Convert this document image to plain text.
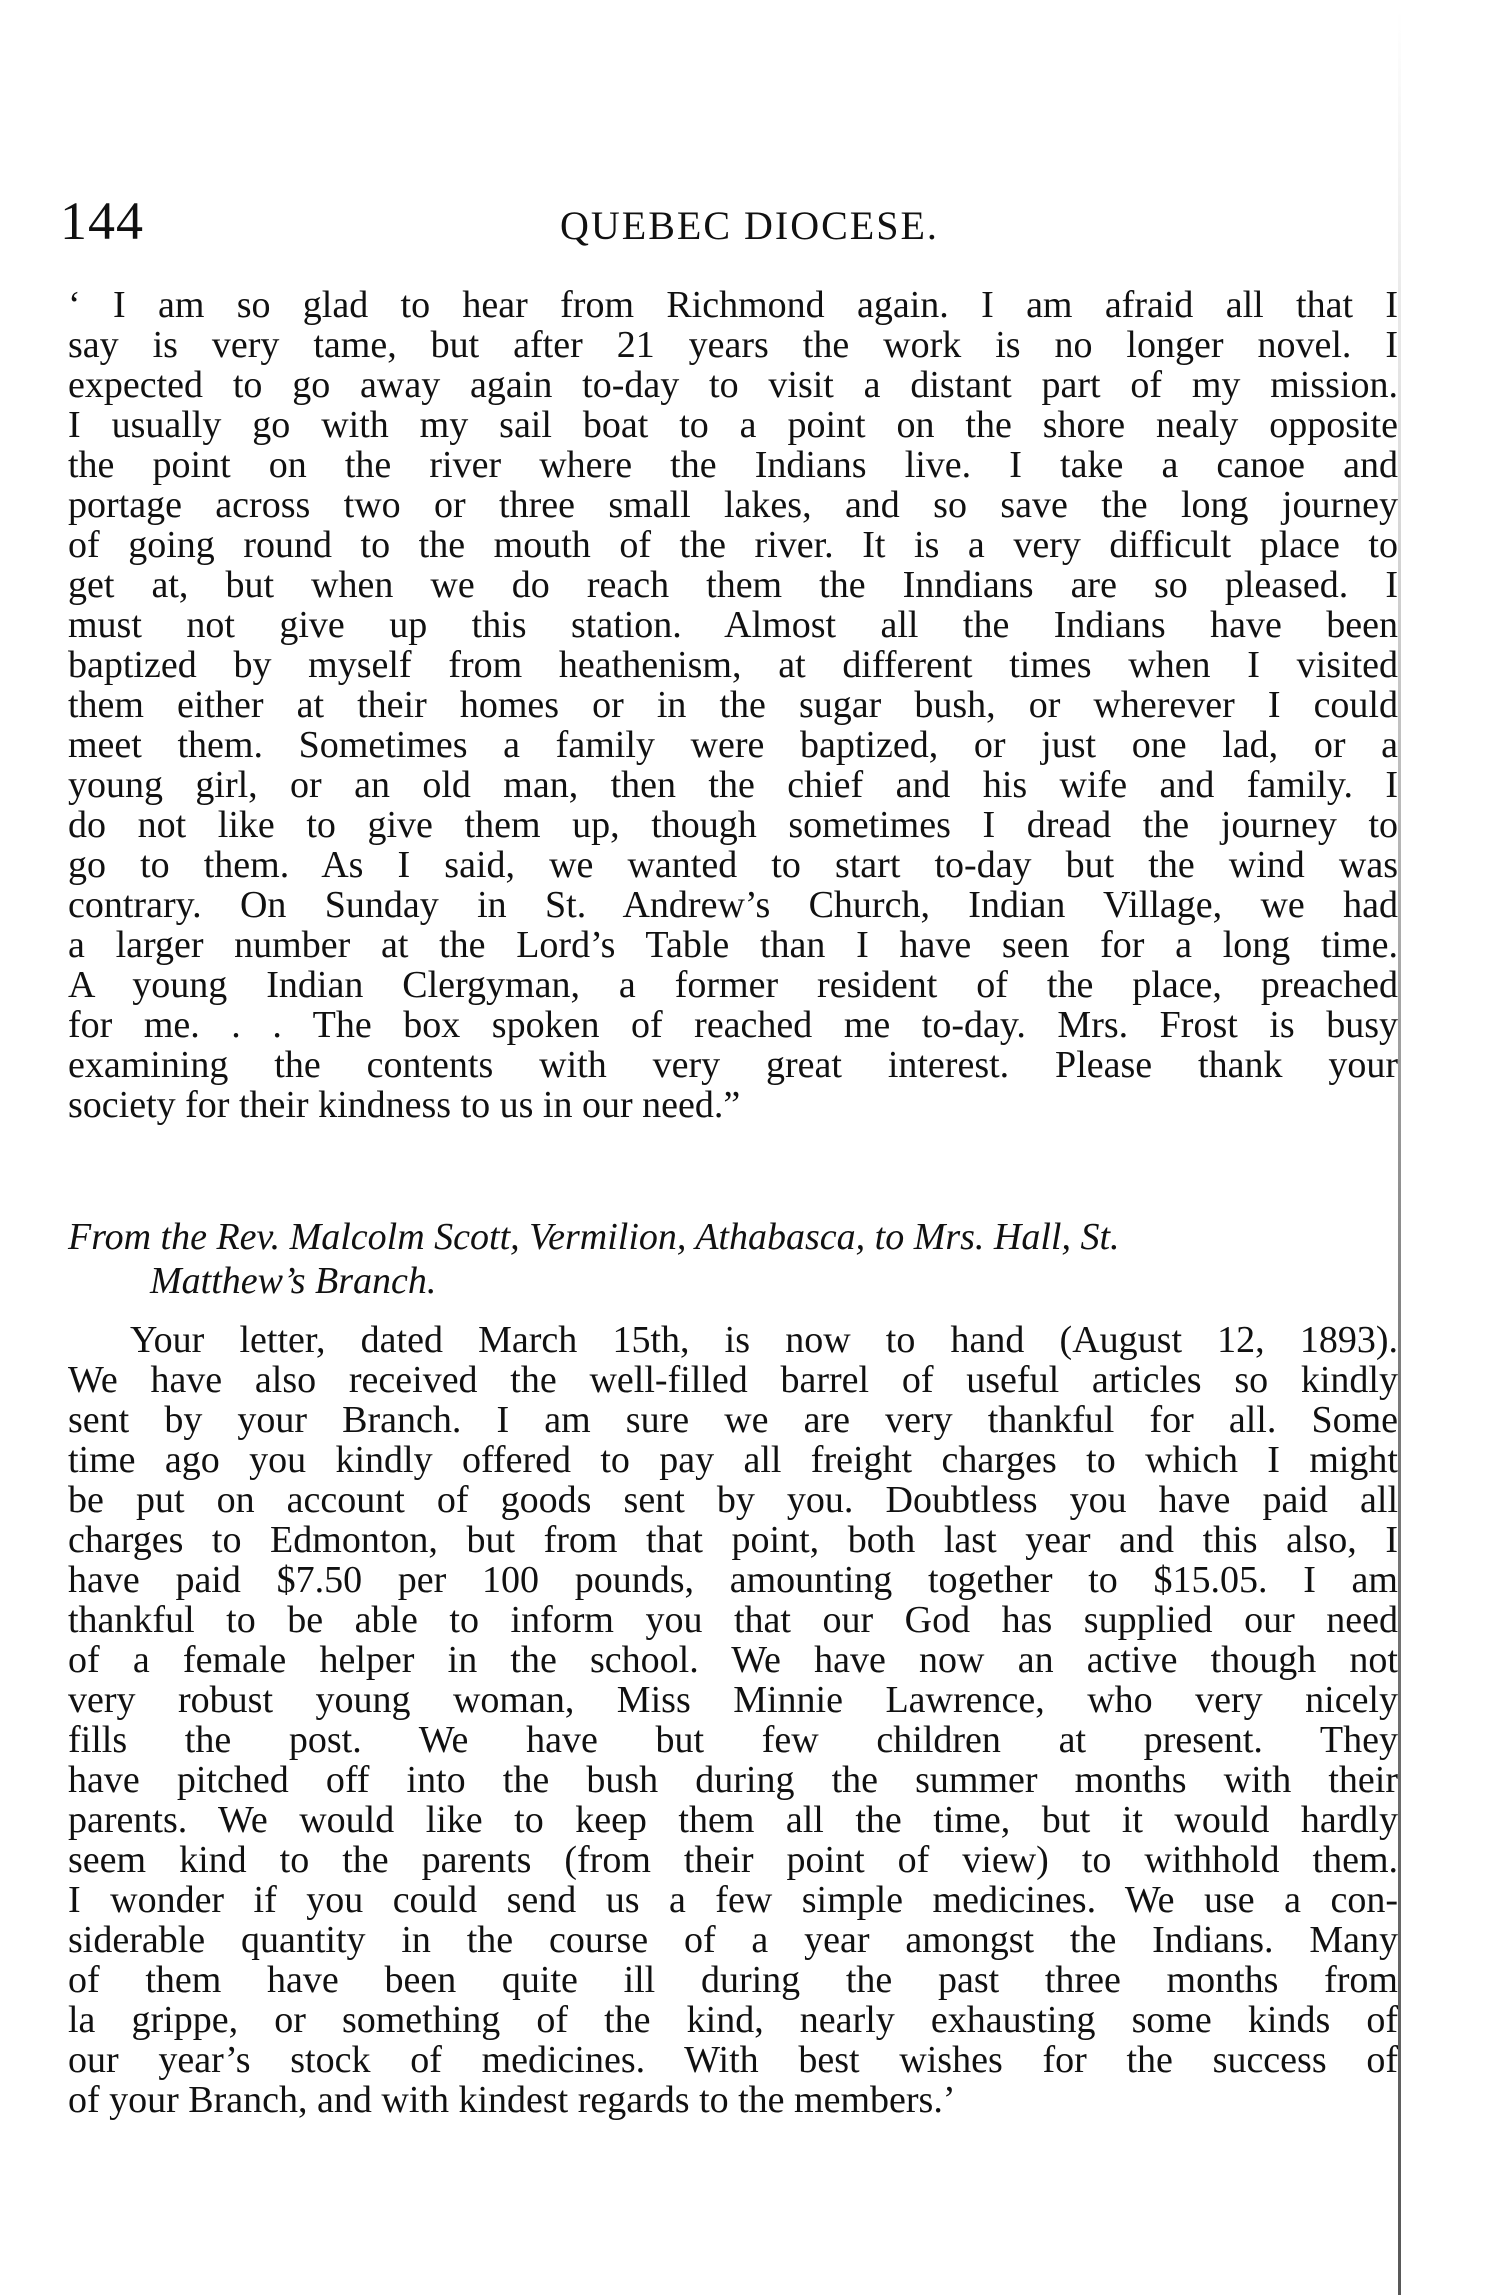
144	QUEBEC DIOCESE.
‘ I am so glad to hear from Richmond again. I am afraid all that I
say is very tame, but after 21 years the work is no longer novel. I
expected to go away again to-day to visit a distant part of my mission.
I usually go with my sail boat to a point on the shore nealy opposite
the point on the river where the Indians live. I take a canoe and
portage across two or three small lakes, and so save the long journey
of going round to the mouth of the river. It is a very difficult place to
get at, but when we do reach them the Inndians are so pleased. I
must not give up this station. Almost all the Indians have been
baptized by myself from heathenism, at different times when I visited
them either at their homes or in the sugar bush, or wherever I could
meet them. Sometimes a family were baptized, or just one lad, or a
young girl, or an old man, then the chief and his wife and family. I
do not like to give them up, though sometimes I dread the journey to
go to them. As I said, we wanted to start to-day but the wind was
contrary. On Sunday in St. Andrew’s Church, Indian Village, we had
a larger number at the Lord’s Table than I have seen for a long time.
A young Indian Clergyman, a former resident of the place, preached
for me. . . The box spoken of reached me to-day. Mrs. Frost is busy
examining the contents with very great interest. Please thank your
society for their kindness to us in our need.”
From the Rev. Malcolm Scott, Vermilion, Athabasca, to Mrs. Hall, St.
Matthew’s Branch.
Your letter, dated March 15th, is now to hand (August 12, 1893).
We have also received the well-filled barrel of useful articles so kindly
sent by your Branch. I am sure we are very thankful for all. Some
time ago you kindly offered to pay all freight charges to which I might
be put on account of goods sent by you. Doubtless you have paid all
charges to Edmonton, but from that point, both last year and this also, I
have paid $7.50 per 100 pounds, amounting together to $15.05. I am
thankful to be able to inform you that our God has supplied our need
of a female helper in the school. We have now an active though not
very robust young woman, Miss Minnie Lawrence, who very nicely
fills the post. We have but few children at present. They
have pitched off into the bush during the summer months with their
parents. We would like to keep them all the time, but it would hardly
seem kind to the parents (from their point of view) to withhold them.
I wonder if you could send us a few simple medicines. We use a con-
siderable quantity in the course of a year amongst the Indians. Many
of them have been quite ill during the past three months from
la grippe, or something of the kind, nearly exhausting some kinds of
our year’s stock of medicines. With best wishes for the success of
of your Branch, and with kindest regards to the members.’
